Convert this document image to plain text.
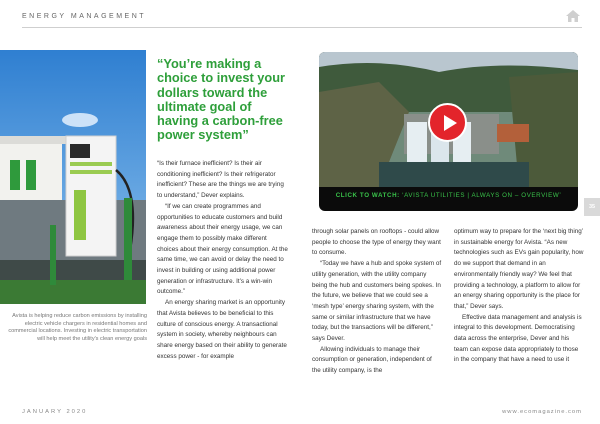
ENERGY MANAGEMENT
Avista is helping reduce carbon emissions by installing electric vehicle chargers in residential homes and commercial locations. Investing in electric transportation will help meet the utility's clean energy goals
“You’re making a choice to invest your dollars toward the ultimate goal of having a carbon-free power system”

“Is their furnace inefficient? Is their air conditioning inefficient? Is their refrigerator inefficient? These are the things we are trying to understand,” Dever explains.

“If we can create programmes and opportunities to educate customers and build awareness about their energy usage, we can engage them to possibly make different choices about their energy consumption. At the same time, we can avoid or delay the need to invest in building or using additional power generation or infrastructure. It’s a win-win outcome.”

An energy sharing market is an opportunity that Avista believes to be beneficial to this culture of conscious energy. A transactional system in society, whereby neighbours can share energy based on their ability to generate excess power - for example

through solar panels on rooftops - could allow people to choose the type of energy they want to consume.

“Today we have a hub and spoke system of utility generation, with the utility company being the hub and customers being spokes. In the future, we believe that we could see a ‘mesh type’ energy sharing system, with the same or similar infrastructure that we have today, but the transactions will be different,” says Dever.

Allowing individuals to manage their consumption or generation, independent of the utility company, is the

optimum way to prepare for the ‘next big thing’ in sustainable energy for Avista. “As new technologies such as EVs gain popularity, how do we support that demand in an environmentally friendly way? We feel that providing a technology, a platform to allow for an energy sharing opportunity is the place for that,” Dever says.

Effective data management and analysis is integral to this development. Democratising data across the enterprise, Dever and his team can expose data appropriately to those in the company that have a need to use it

CLICK TO WATCH: ‘AVISTA UTILITIES | ALWAYS ON – OVERVIEW’
35
JANUARY 2020	www.ecomagazine.com
